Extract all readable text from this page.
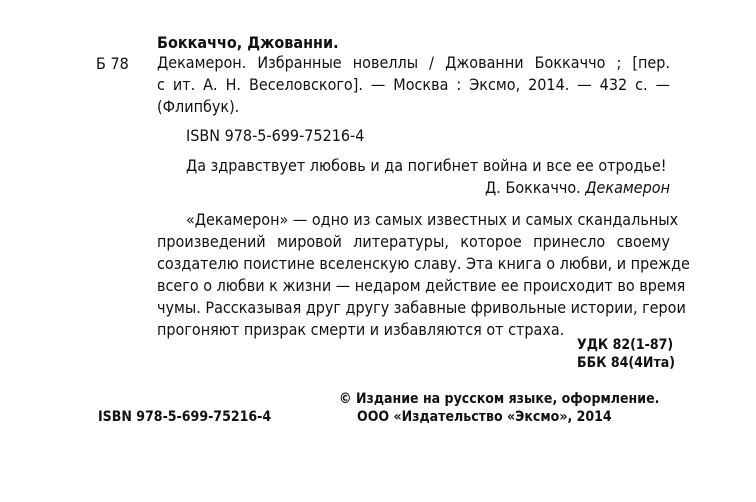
Боккаччо, Джованни.
Б 78 Декамерон. Избранные новеллы / Джованни Боккаччо ; [пер.
с ит. А. Н. Веселовского]. — Москва : Эксмо, 2014. — 432 с. —
(Флипбук).
ISBN 978-5-699-75216-4
Да здравствует любовь и да погибнет война и все ее отродье!
Д. Боккаччо. Декамерон
«Декамерон» — одно из самых известных и самых скандальных
произведений мировой литературы, которое принесло своему
создателю поистине вселенскую славу. Эта книга о любви, и прежде
всего о любви к жизни — недаром действие ее происходит во время
чумы. Рассказывая друг другу забавные фривольные истории, герои
прогоняют призрак смерти и избавляются от страха.
УДК 82(1-87)
ББК 84(4Ита)
ISBN 978-5-699-75216-4
© Издание на русском языке, оформление.
ООО «Издательство «Эксмо», 2014
